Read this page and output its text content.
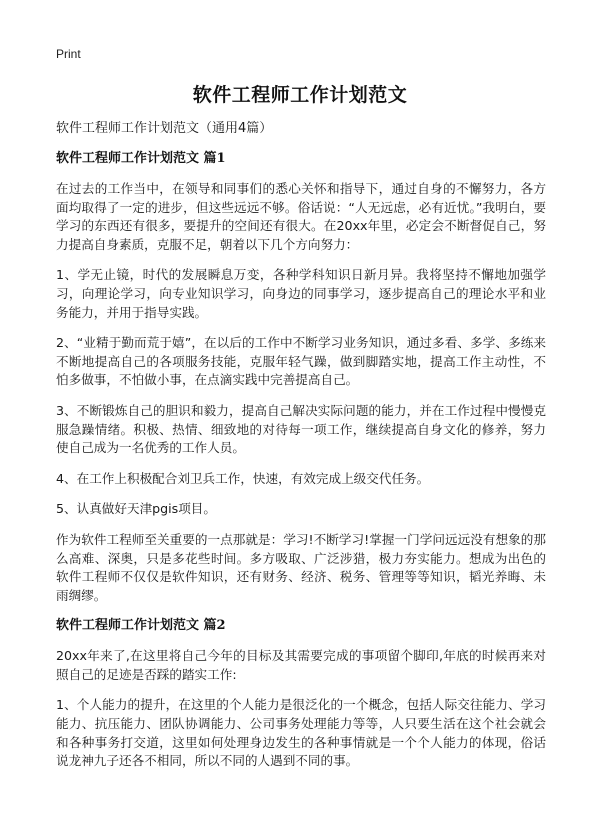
Print
软件工程师工作计划范文

软件工程师工作计划范文（通用4篇）

软件工程师工作计划范文 篇1

在过去的工作当中，在领导和同事们的悉心关怀和指导下，通过自身的不懈努力，各方面均取得了一定的进步，但这些远远不够。俗话说：“人无远虑，必有近忧。”我明白，要学习的东西还有很多，要提升的空间还有很大。在20xx年里，必定会不断督促自己，努力提高自身素质，克服不足，朝着以下几个方向努力：

1、学无止镜，时代的发展瞬息万变，各种学科知识日新月异。我将坚持不懈地加强学习，向理论学习，向专业知识学习，向身边的同事学习，逐步提高自己的理论水平和业务能力，并用于指导实践。

2、“业精于勤而荒于嬉”，在以后的工作中不断学习业务知识，通过多看、多学、多练来不断地提高自己的各项服务技能，克服年轻气躁，做到脚踏实地，提高工作主动性，不怕多做事，不怕做小事，在点滴实践中完善提高自己。

3、不断锻炼自己的胆识和毅力，提高自己解决实际问题的能力，并在工作过程中慢慢克服急躁情绪。积极、热情、细致地的对待每一项工作，继续提高自身文化的修养，努力使自己成为一名优秀的工作人员。

4、在工作上积极配合刘卫兵工作，快速，有效完成上级交代任务。

5、认真做好天津pgis项目。

作为软件工程师至关重要的一点那就是：学习!不断学习!掌握一门学问远远没有想象的那么高难、深奥，只是多花些时间。多方吸取、广泛涉猎，极力夯实能力。想成为出色的软件工程师不仅仅是软件知识，还有财务、经济、税务、管理等等知识，韬光养晦、未雨绸缪。

软件工程师工作计划范文 篇2

20xx年来了,在这里将自己今年的目标及其需要完成的事项留个脚印,年底的时候再来对照自己的足迹是否踩的踏实工作:

1、个人能力的提升，在这里的个人能力是很泛化的一个概念，包括人际交往能力、学习能力、抗压能力、团队协调能力、公司事务处理能力等等，人只要生活在这个社会就会和各种事务打交道，这里如何处理身边发生的各种事情就是一个个人能力的体现，俗话说龙神九子还各不相同，所以不同的人遇到不同的事。
